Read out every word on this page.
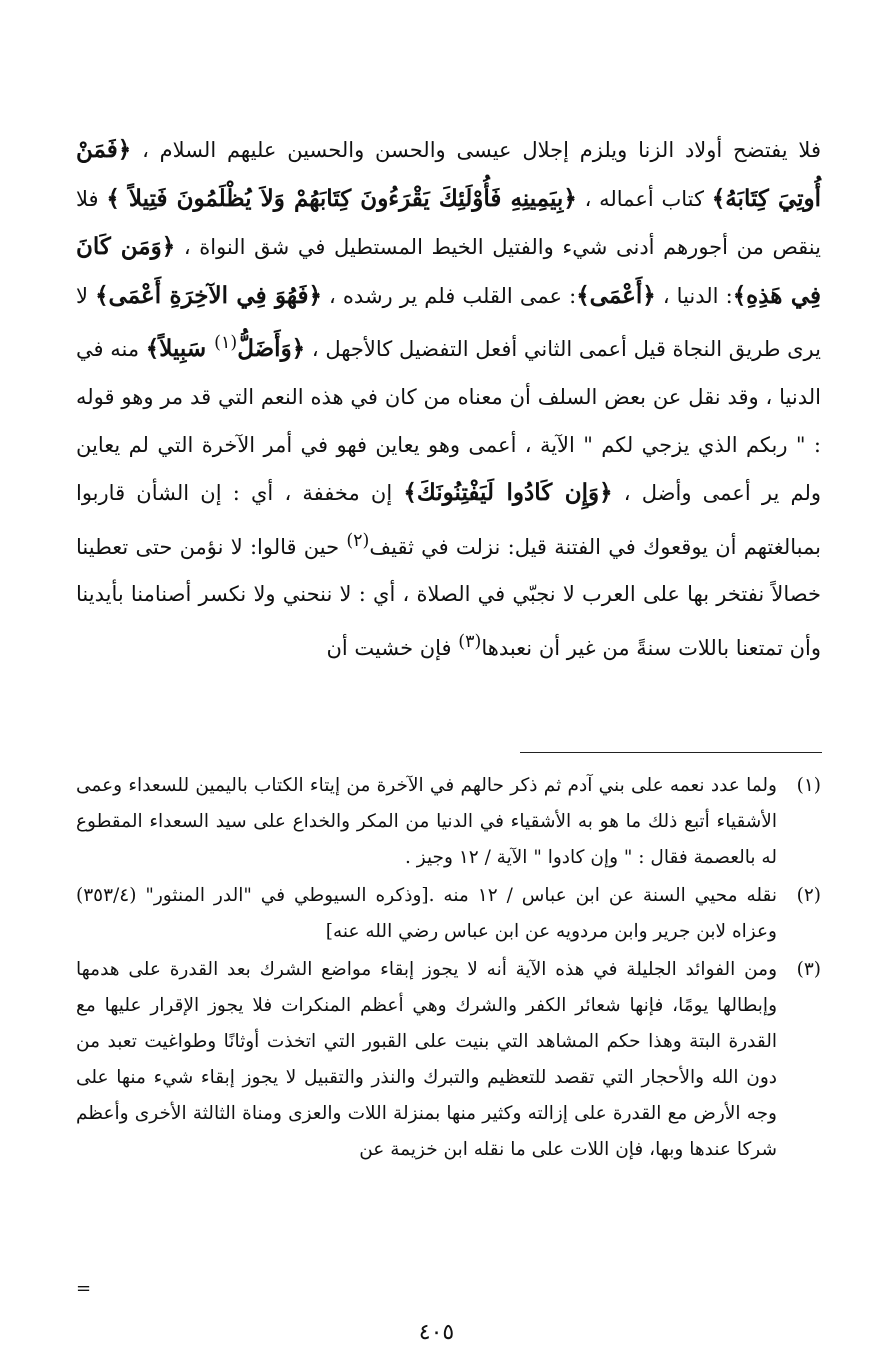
فلا يفتضح أولاد الزنا ويلزم إجلال عيسى والحسن والحسين عليهم السلام ، ﴿فَمَنْ أُوتِيَ كِتَابَهُ﴾ كتاب أعماله ، ﴿بِيَمِينِهِ فَأُوْلَئِكَ يَقْرَءُونَ كِتَابَهُمْ وَلاَ يُظْلَمُونَ فَتِيلاً ﴾ فلا ينقص من أجورهم أدنى شيء والفتيل الخيط المستطيل في شق النواة ، ﴿وَمَن كَانَ فِي هَذِهِ﴾: الدنيا ، ﴿أَعْمَى﴾: عمى القلب فلم ير رشده ، ﴿فَهُوَ فِي الآخِرَةِ أَعْمَى﴾ لا يرى طريق النجاة قيل أعمى الثاني أفعل التفضيل كالأجهل ، ﴿وَأَضَلُّ$^{(١)}$ سَبِيلاً﴾ منه في الدنيا ، وقد نقل عن بعض السلف أن معناه من كان في هذه النعم التي قد مر وهو قوله : " ربكم الذي يزجي لكم " الآية ، أعمى وهو يعاين فهو في أمر الآخرة التي لم يعاين ولم ير أعمى وأضل ، ﴿وَإِن كَادُوا لَيَفْتِنُونَكَ﴾ إن مخففة ، أي : إن الشأن قاربوا بمبالغتهم أن يوقعوك في الفتنة قيل: نزلت في ثقيف$^{(٢)}$ حين قالوا: لا نؤمن حتى تعطينا خصالاً نفتخر بها على العرب لا نجبّي في الصلاة ، أي : لا ننحني ولا نكسر أصنامنا بأيدينا وأن تمتعنا باللات سنةً من غير أن نعبدها$^{(٣)}$ فإن خشيت أن
(١)
ولما عدد نعمه على بني آدم ثم ذكر حالهم في الآخرة من إيتاء الكتاب باليمين للسعداء وعمى الأشقياء أتبع ذلك ما هو به الأشقياء في الدنيا من المكر والخداع على سيد السعداء المقطوع له بالعصمة فقال : " وإن كادوا " الآية / ١٢ وجيز .
(٢)
نقله محيي السنة عن ابن عباس / ١٢ منه .[وذكره السيوطي في "الدر المنثور" (٣٥٣/٤) وعزاه لابن جرير وابن مردويه عن ابن عباس رضي الله عنه]
(٣)
ومن الفوائد الجليلة في هذه الآية أنه لا يجوز إبقاء مواضع الشرك بعد القدرة على هدمها وإبطالها يومًا، فإنها شعائر الكفر والشرك وهي أعظم المنكرات فلا يجوز الإقرار عليها مع القدرة البتة وهذا حكم المشاهد التي بنيت على القبور التي اتخذت أوثانًا وطواغيت تعبد من دون الله والأحجار التي تقصد للتعظيم والتبرك والنذر والتقبيل لا يجوز إبقاء شيء منها على وجه الأرض مع القدرة على إزالته وكثير منها بمنزلة اللات والعزى ومناة الثالثة الأخرى وأعظم شركا عندها وبها، فإن اللات على ما نقله ابن خزيمة عن
=
٤٠٥
